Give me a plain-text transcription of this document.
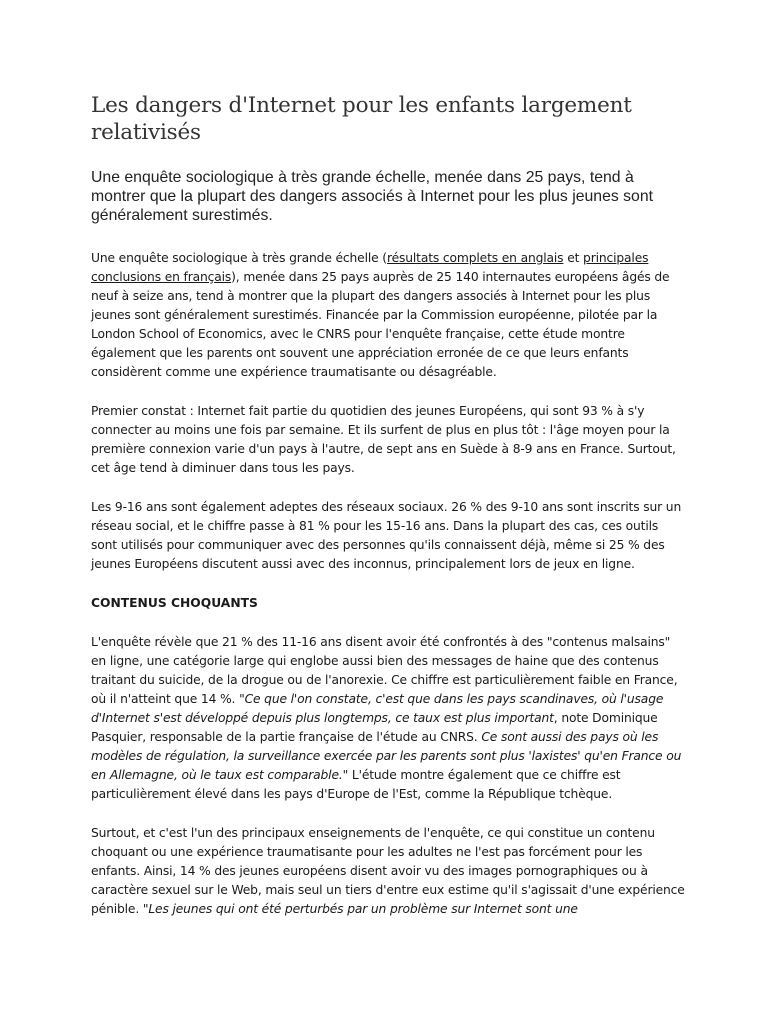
Les dangers d'Internet pour les enfants largement relativisés

Une enquête sociologique à très grande échelle, menée dans 25 pays, tend à montrer que la plupart des dangers associés à Internet pour les plus jeunes sont généralement surestimés.

Une enquête sociologique à très grande échelle (résultats complets en anglais et principales conclusions en français), menée dans 25 pays auprès de 25 140 internautes européens âgés de neuf à seize ans, tend à montrer que la plupart des dangers associés à Internet pour les plus jeunes sont généralement surestimés. Financée par la Commission européenne, pilotée par la London School of Economics, avec le CNRS pour l'enquête française, cette étude montre également que les parents ont souvent une appréciation erronée de ce que leurs enfants considèrent comme une expérience traumatisante ou désagréable.

Premier constat : Internet fait partie du quotidien des jeunes Européens, qui sont 93 % à s'y connecter au moins une fois par semaine. Et ils surfent de plus en plus tôt : l'âge moyen pour la première connexion varie d'un pays à l'autre, de sept ans en Suède à 8-9 ans en France. Surtout, cet âge tend à diminuer dans tous les pays.

Les 9-16 ans sont également adeptes des réseaux sociaux. 26 % des 9-10 ans sont inscrits sur un réseau social, et le chiffre passe à 81 % pour les 15-16 ans. Dans la plupart des cas, ces outils sont utilisés pour communiquer avec des personnes qu'ils connaissent déjà, même si 25 % des jeunes Européens discutent aussi avec des inconnus, principalement lors de jeux en ligne.

CONTENUS CHOQUANTS

L'enquête révèle que 21 % des 11-16 ans disent avoir été confrontés à des "contenus malsains" en ligne, une catégorie large qui englobe aussi bien des messages de haine que des contenus traitant du suicide, de la drogue ou de l'anorexie. Ce chiffre est particulièrement faible en France, où il n'atteint que 14 %. "Ce que l'on constate, c'est que dans les pays scandinaves, où l'usage d'Internet s'est développé depuis plus longtemps, ce taux est plus important, note Dominique Pasquier, responsable de la partie française de l'étude au CNRS. Ce sont aussi des pays où les modèles de régulation, la surveillance exercée par les parents sont plus 'laxistes' qu'en France ou en Allemagne, où le taux est comparable." L'étude montre également que ce chiffre est particulièrement élevé dans les pays d'Europe de l'Est, comme la République tchèque.

Surtout, et c'est l'un des principaux enseignements de l'enquête, ce qui constitue un contenu choquant ou une expérience traumatisante pour les adultes ne l'est pas forcément pour les enfants. Ainsi, 14 % des jeunes européens disent avoir vu des images pornographiques ou à caractère sexuel sur le Web, mais seul un tiers d'entre eux estime qu'il s'agissait d'une expérience pénible. "Les jeunes qui ont été perturbés par un problème sur Internet sont une
